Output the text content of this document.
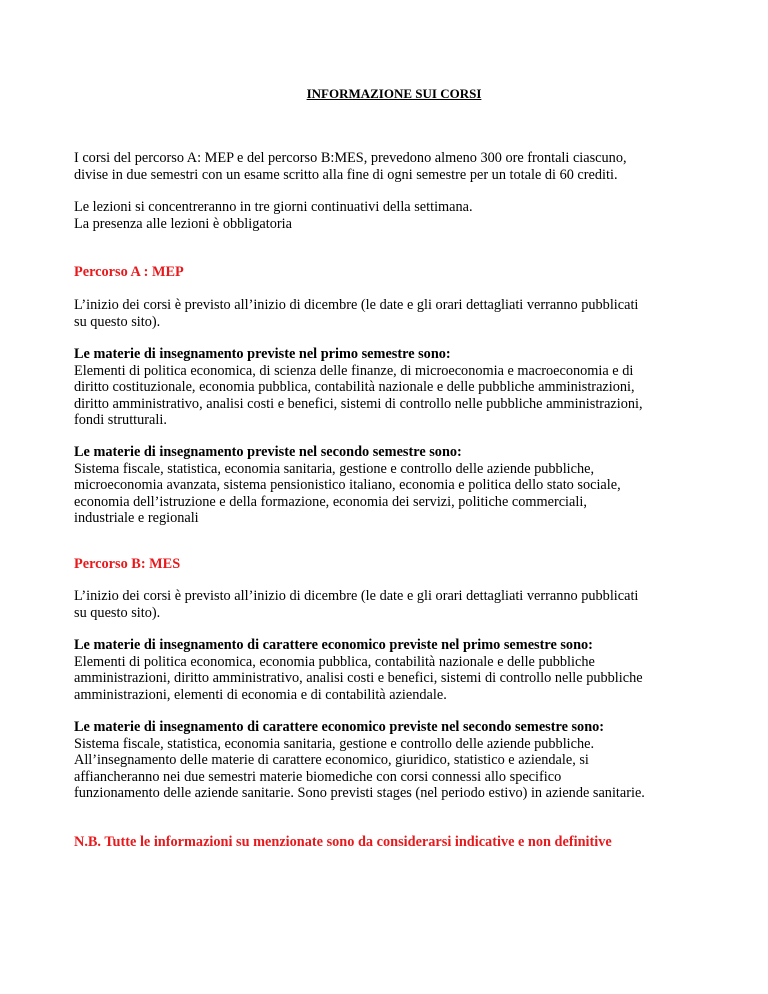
INFORMAZIONE SUI CORSI

I corsi del percorso A: MEP e del percorso B:MES, prevedono almeno 300 ore frontali ciascuno,

divise in due semestri con un esame scritto alla fine di ogni semestre per un totale di 60 crediti.

Le lezioni si concentreranno in tre giorni continuativi della settimana.

La presenza alle lezioni è obbligatoria

Percorso A : MEP

L’inizio dei corsi è previsto all’inizio di dicembre (le date e gli orari dettagliati verranno pubblicati

su questo sito).

Le materie di insegnamento previste nel primo semestre sono:

Elementi di politica economica, di scienza delle finanze, di microeconomia e macroeconomia e di

diritto costituzionale, economia pubblica, contabilità nazionale e delle pubbliche amministrazioni,

diritto amministrativo, analisi costi e benefici, sistemi di controllo nelle pubbliche amministrazioni,

fondi strutturali.

Le materie di insegnamento previste nel secondo semestre sono:

Sistema fiscale, statistica, economia sanitaria, gestione e controllo delle aziende pubbliche,

microeconomia avanzata, sistema pensionistico italiano, economia e politica dello stato sociale,

economia dell’istruzione e della formazione, economia dei servizi, politiche commerciali,

industriale e regionali

Percorso B: MES

L’inizio dei corsi è previsto all’inizio di dicembre (le date e gli orari dettagliati verranno pubblicati

su questo sito).

Le materie di insegnamento di carattere economico previste nel primo semestre sono:

Elementi di politica economica, economia pubblica, contabilità nazionale e delle pubbliche

amministrazioni, diritto amministrativo, analisi costi e benefici, sistemi di controllo nelle pubbliche

amministrazioni, elementi di economia e di contabilità aziendale.

Le materie di insegnamento di carattere economico previste nel secondo semestre sono:

Sistema fiscale, statistica, economia sanitaria, gestione e controllo delle aziende pubbliche.

All’insegnamento delle materie di carattere economico, giuridico, statistico e aziendale, si

affiancheranno nei due semestri materie biomediche con corsi connessi allo specifico

funzionamento delle aziende sanitarie. Sono previsti stages (nel periodo estivo) in aziende sanitarie.

N.B. Tutte le informazioni su menzionate sono da considerarsi indicative e non definitive
